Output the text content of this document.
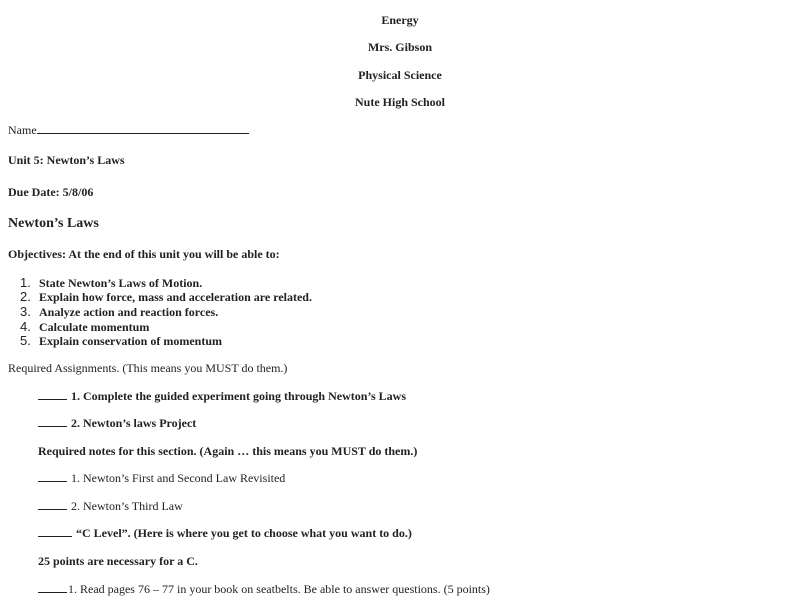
Energy
Mrs. Gibson
Physical Science
Nute High School
Name
Unit 5: Newton’s Laws
Due Date: 5/8/06
Newton’s Laws
Objectives: At the end of this unit you will be able to:
1. State Newton’s Laws of Motion.
2. Explain how force, mass and acceleration are related.
3. Analyze action and reaction forces.
4. Calculate momentum
5. Explain conservation of momentum
Required Assignments. (This means you MUST do them.)
1. Complete the guided experiment going through Newton’s Laws
2. Newton’s laws Project
Required notes for this section. (Again … this means you MUST do them.)
1. Newton’s First and Second Law Revisited
2. Newton’s Third Law
“C Level”. (Here is where you get to choose what you want to do.)
25 points are necessary for a C.
1. Read pages 76 – 77 in your book on seatbelts. Be able to answer questions. (5 points)
